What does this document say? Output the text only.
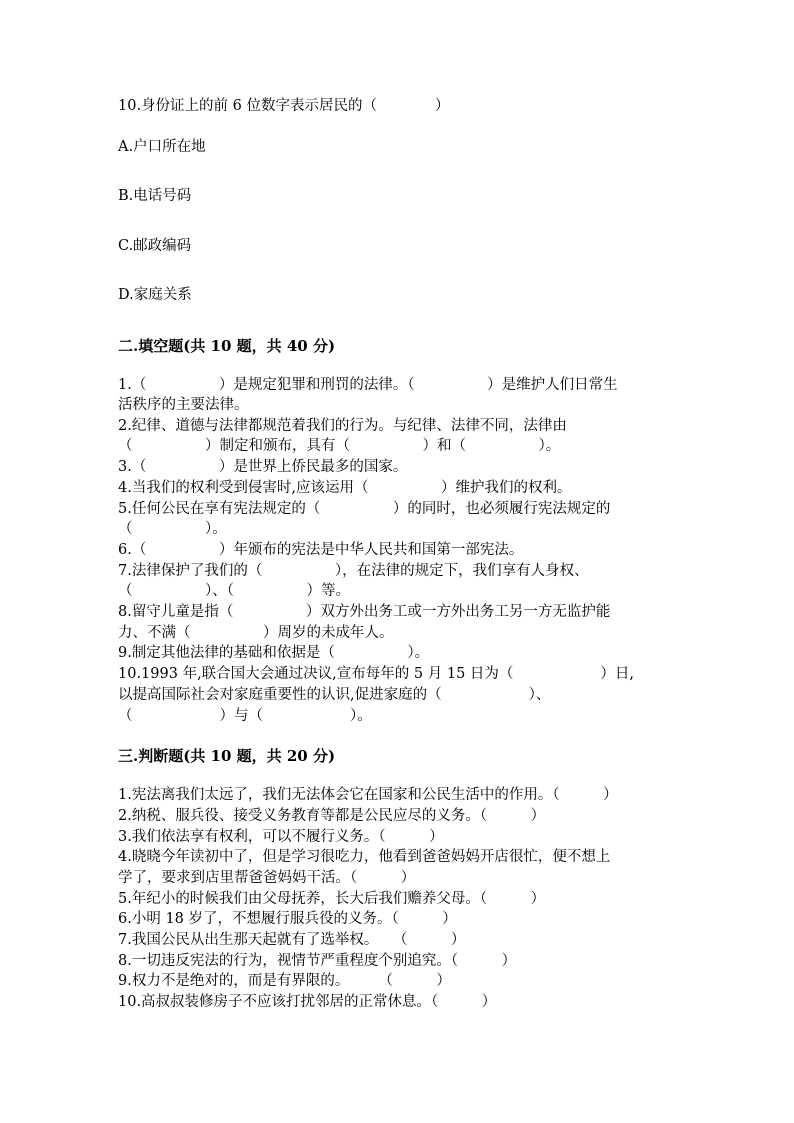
10.身份证上的前 6 位数字表示居民的（　　　　）
A.户口所在地
B.电话号码
C.邮政编码
D.家庭关系
二.填空题(共 10 题，共 40 分)
1.（　　　　　）是规定犯罪和刑罚的法律。（　　　　　）是维护人们日常生
活秩序的主要法律。
2.纪律、道德与法律都规范着我们的行为。与纪律、法律不同，法律由
（　　　　　）制定和颁布，具有（　　　　　）和（　　　　　）。
3.（　　　　　）是世界上侨民最多的国家。
4.当我们的权利受到侵害时,应该运用（　　　　　）维护我们的权利。
5.任何公民在享有宪法规定的（　　　　　）的同时，也必须履行宪法规定的
（　　　　　）。
6.（　　　　　）年颁布的宪法是中华人民共和国第一部宪法。
7.法律保护了我们的（　　　　　），在法律的规定下，我们享有人身权、
（　　　　　）、（　　　　　）等。
8.留守儿童是指（　　　　　）双方外出务工或一方外出务工另一方无监护能
力、不满（　　　　　）周岁的未成年人。
9.制定其他法律的基础和依据是（　　　　　）。
10.1993 年,联合国大会通过决议,宣布每年的 5 月 15 日为（　　　　　　）日,
以提高国际社会对家庭重要性的认识,促进家庭的（　　　　　　）、
（　　　　　　）与（　　　　　　）。
三.判断题(共 10 题，共 20 分)
1.宪法离我们太远了，我们无法体会它在国家和公民生活中的作用。（　　　）
2.纳税、服兵役、接受义务教育等都是公民应尽的义务。（　　　）
3.我们依法享有权利，可以不履行义务。（　　　）
4.晓晓今年读初中了，但是学习很吃力，他看到爸爸妈妈开店很忙，便不想上
学了，要求到店里帮爸爸妈妈干活。（　　　）
5.年纪小的时候我们由父母抚养，长大后我们赡养父母。（　　　）
6.小明 18 岁了，不想履行服兵役的义务。（　　　）
7.我国公民从出生那天起就有了选举权。　　（　　　）
8.一切违反宪法的行为，视情节严重程度个别追究。（　　　）
9.权力不是绝对的，而是有界限的。　　　（　　　）
10.高叔叔装修房子不应该打扰邻居的正常休息。（　　　）
